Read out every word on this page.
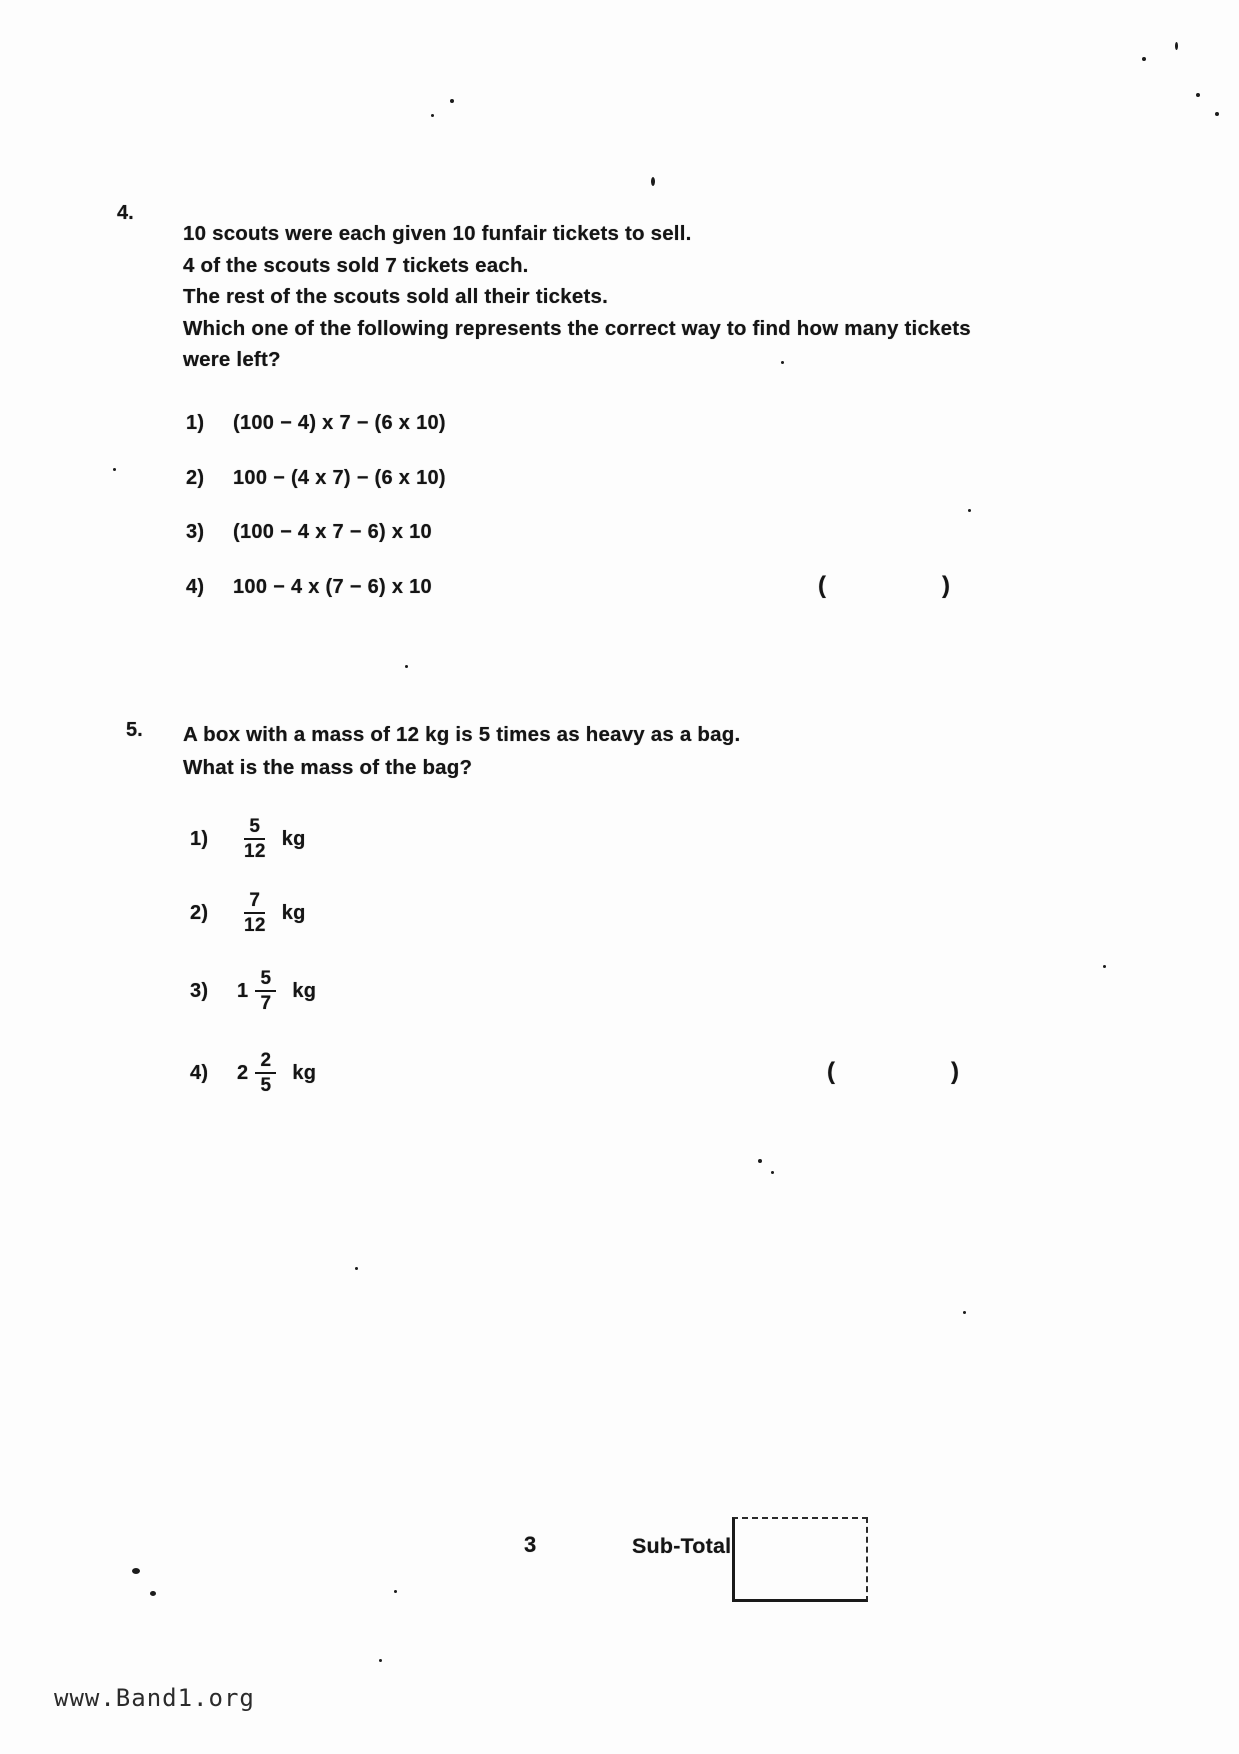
4.
10 scouts were each given 10 funfair tickets to sell.
4 of the scouts sold 7 tickets each.
The rest of the scouts sold all their tickets.
Which one of the following represents the correct way to find how many tickets
were left?
1)	(100 − 4) x 7 − (6 x 10)
2)	100 − (4 x 7) − (6 x 10)
3)	(100 − 4 x 7 − 6) x 10
4)	100 − 4 x (7 − 6) x 10	(	)
5. A box with a mass of 12 kg is 5 times as heavy as a bag.
What is the mass of the bag?
1)	$\frac{5}{12}$ kg
2)	$\frac{7}{12}$ kg
3)	$1 \frac{5}{7}$ kg
4)	$2 \frac{2}{5}$ kg	(	)
3	Sub-Total
www.Band1.org
